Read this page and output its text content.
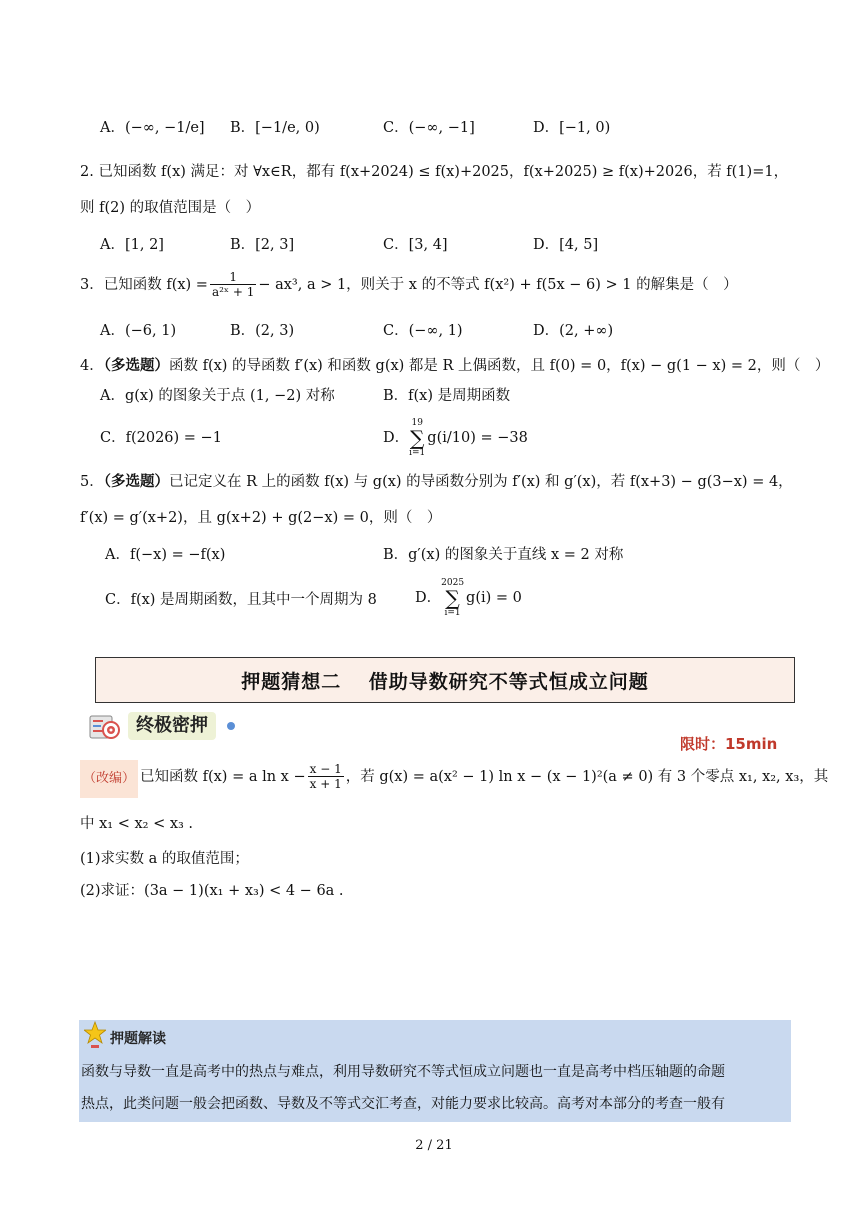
A．(−∞, −1/e] B．[−1/e, 0)	C．(−∞, −1]	D．[−1, 0)
2. 已知函数 f(x) 满足：对 ∀x∈R，都有 f(x+2024) ≤ f(x)+2025，f(x+2025) ≥ f(x)+2026，若 f(1)=1，
则 f(2) 的取值范围是（　）
A．[1, 2]	B．[2, 3]	C．[3, 4]	D．[4, 5]
3．已知函数 $f(x) = \frac{1}{\text{a²ˣ + 1}} - ax^3$, a > 1，则关于 x 的不等式 f(x²) + f(5x − 6) > 1 的解集是（　）
A．(−6, 1)	B．(2, 3)	C．(−∞, 1)	D．(2, +∞)
4．（多选题）函数 f(x) 的导函数 f′(x) 和函数 g(x) 都是 R 上偶函数，且 f(0) = 0，f(x) − g(1 − x) = 2，则（　）
A．g(x) 的图象关于点 (1, −2) 对称	B．f(x) 是周期函数
C．f(2026) = −1	D．
19
∑
i=1
g(i/10) = −38
5．（多选题）已记定义在 R 上的函数 f(x) 与 g(x) 的导函数分别为 f′(x) 和 g′(x)，若 f(x+3) − g(3−x) = 4，
f′(x) = g′(x+2)，且 g(x+2) + g(2−x) = 0，则（　）
A．f(−x) = −f(x)	B．g′(x) 的图象关于直线 x = 2 对称
C．f(x) 是周期函数，且其中一个周期为 8	D．
2025
∑
i=1
g(i) = 0
押题猜想二　 借助导数研究不等式恒成立问题
终极密押
限时：15min
（改编） 已知函数 f(x) = a $\ln x - \frac{x - 1}{x + 1}$ ，若 g(x) = a(x² − 1) ln x − (x − 1)²(a ≠ 0) 有 3 个零点 x₁, x₂, x₃，其
中 x₁ < x₂ < x₃ .
(1)求实数 a 的取值范围；
(2)求证：(3a − 1)(x₁ + x₃) < 4 − 6a .
押题解读
函数与导数一直是高考中的热点与难点，利用导数研究不等式恒成立问题也一直是高考中档压轴题的命题
热点，此类问题一般会把函数、导数及不等式交汇考查，对能力要求比较高。高考对本部分的考查一般有
2 / 21
